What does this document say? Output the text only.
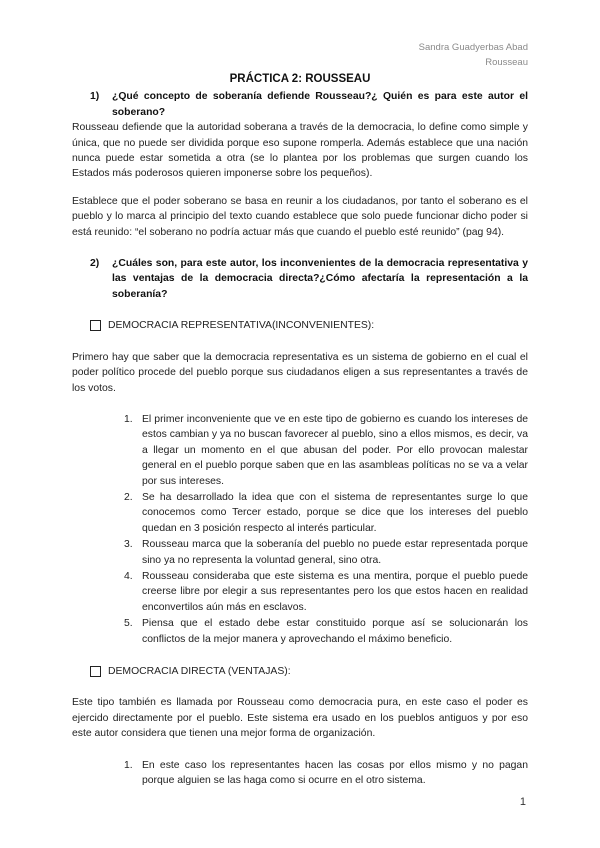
Sandra Guadyerbas Abad
Rousseau
PRÁCTICA 2: ROUSSEAU
1)	¿Qué concepto de soberanía defiende Rousseau?¿ Quién es para este autor el soberano?

Rousseau defiende que la autoridad soberana a través de la democracia, lo define como simple y única, que no puede ser dividida porque eso supone romperla. Además establece que una nación nunca puede estar sometida a otra (se lo plantea por los problemas que surgen cuando los Estados más poderosos quieren imponerse sobre los pequeños).

Establece que el poder soberano se basa en reunir a los ciudadanos, por tanto el soberano es el pueblo y lo marca al principio del texto cuando establece que solo puede funcionar dicho poder si está reunido: “el soberano no podría actuar más que cuando el pueblo esté reunido” (pag 94).

2)	¿Cuáles son, para este autor, los inconvenientes de la democracia representativa y las ventajas de la democracia directa?¿Cómo afectaría la representación a la soberanía?
DEMOCRACIA REPRESENTATIVA(INCONVENIENTES):

Primero hay que saber que la democracia representativa es un sistema de gobierno en el cual el poder político procede del pueblo porque sus ciudadanos eligen a sus representantes a través de los votos.

1. El primer inconveniente que ve en este tipo de gobierno es cuando los intereses de estos cambian y ya no buscan favorecer al pueblo, sino a ellos mismos, es decir, va a llegar un momento en el que abusan del poder. Por ello provocan malestar general en el pueblo porque saben que en las asambleas políticas no se va a velar por sus intereses.
2. Se ha desarrollado la idea que con el sistema de representantes surge lo que conocemos como Tercer estado, porque se dice que los intereses del pueblo quedan en 3 posición respecto al interés particular.
3. Rousseau marca que la soberanía del pueblo no puede estar representada porque sino ya no representa la voluntad general, sino otra.
4. Rousseau consideraba que este sistema es una mentira, porque el pueblo puede creerse libre por elegir a sus representantes pero los que estos hacen en realidad enconvertilos aún más en esclavos.
5. Piensa que el estado debe estar constituido porque así se solucionarán los conflictos de la mejor manera y aprovechando el máximo beneficio.
DEMOCRACIA DIRECTA (VENTAJAS):

Este tipo también es llamada por Rousseau como democracia pura, en este caso el poder es ejercido directamente por el pueblo. Este sistema era usado en los pueblos antiguos y por eso este autor considera que tienen una mejor forma de organización.

1. En este caso los representantes hacen las cosas por ellos mismo y no pagan porque alguien se las haga como si ocurre en el otro sistema.
1
